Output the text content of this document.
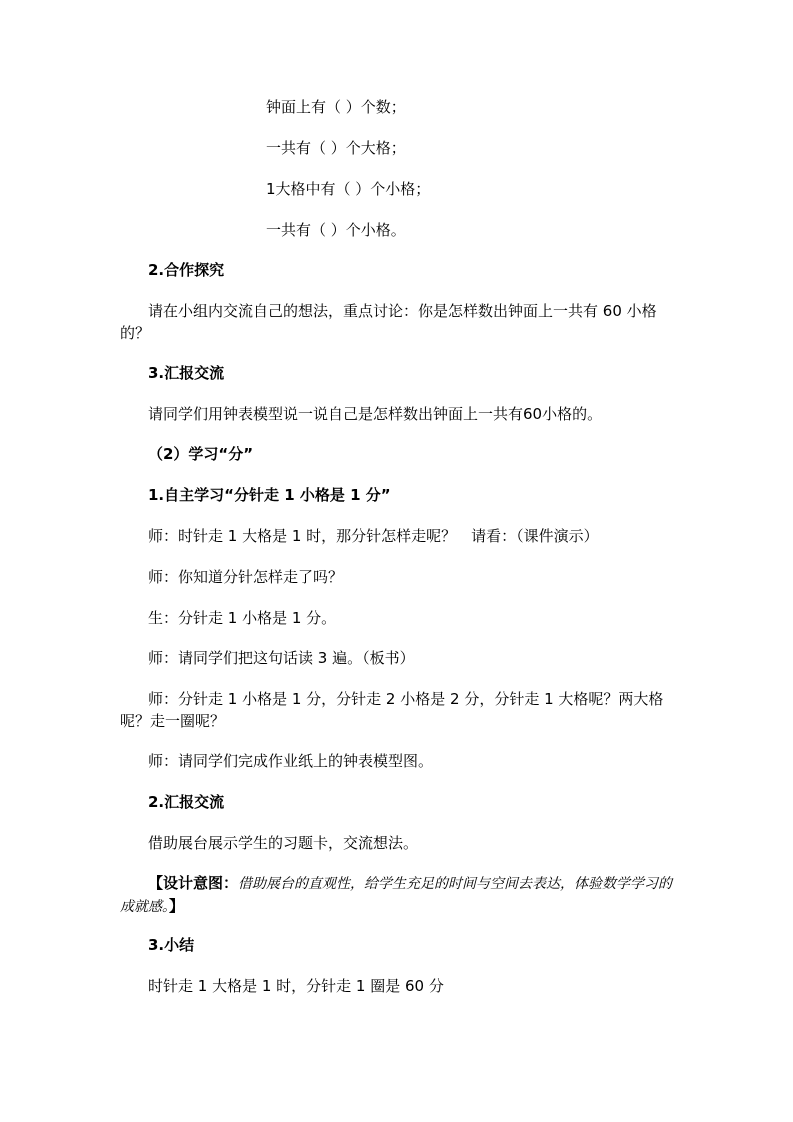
钟面上有（ ）个数；
一共有（ ）个大格；
1大格中有（ ）个小格；
一共有（ ）个小格。
2.合作探究
请在小组内交流自己的想法，重点讨论：你是怎样数出钟面上一共有 60 小格的？
3.汇报交流
请同学们用钟表模型说一说自己是怎样数出钟面上一共有60小格的。
（2）学习“分”
1.自主学习“分针走 1 小格是 1 分”
师：时针走 1 大格是 1 时，那分针怎样走呢？　请看：（课件演示）
师：你知道分针怎样走了吗？
生：分针走 1 小格是 1 分。
师：请同学们把这句话读 3 遍。（板书）
师：分针走 1 小格是 1 分，分针走 2 小格是 2 分，分针走 1 大格呢？两大格呢？走一圈呢？
师：请同学们完成作业纸上的钟表模型图。
2.汇报交流
借助展台展示学生的习题卡，交流想法。
【设计意图：借助展台的直观性，给学生充足的时间与空间去表达，体验数学学习的成就感。】
3.小结
时针走 1 大格是 1 时，分针走 1 圈是 60 分
